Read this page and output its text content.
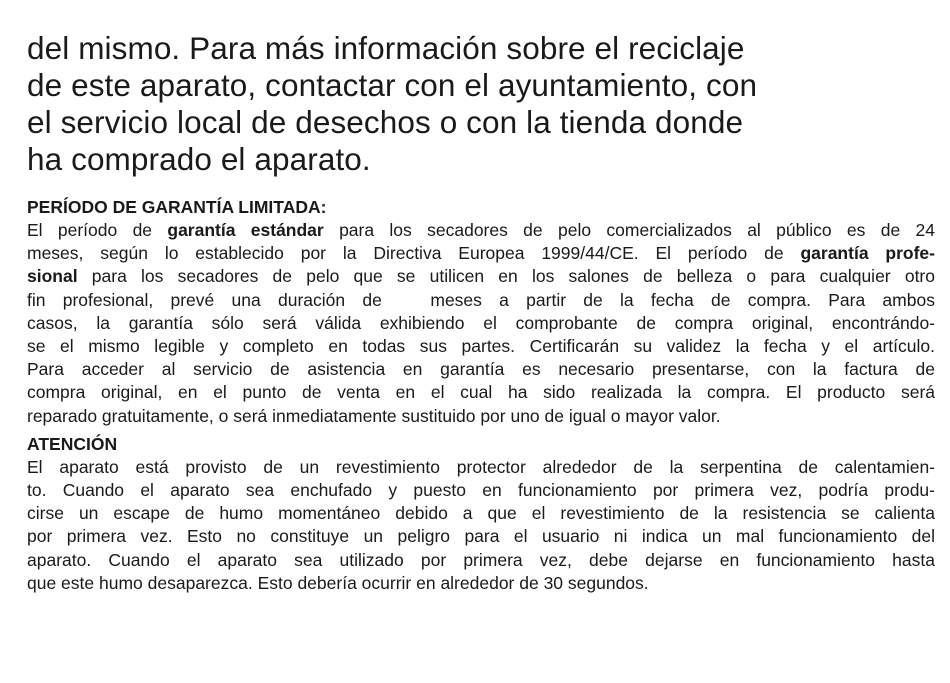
del mismo. Para más información sobre el reciclaje
de este aparato, contactar con el ayuntamiento, con
el servicio local de desechos o con la tienda donde
ha comprado el aparato.
PERÍODO DE GARANTÍA LIMITADA:
El período de garantía estándar para los secadores de pelo comercializados al público es de 24
meses, según lo establecido por la Directiva Europea 1999/44/CE. El período de garantía profe-
sional para los secadores de pelo que se utilicen en los salones de belleza o para cualquier otro
fin profesional, prevé una duración de	meses a partir de la fecha de compra. Para ambos
casos, la garantía sólo será válida exhibiendo el comprobante de compra original, encontrándo-
se el mismo legible y completo en todas sus partes. Certificarán su validez la fecha y el artículo.
Para acceder al servicio de asistencia en garantía es necesario presentarse, con la factura de
compra original, en el punto de venta en el cual ha sido realizada la compra. El producto será
reparado gratuitamente, o será inmediatamente sustituido por uno de igual o mayor valor.
ATENCIÓN
El aparato está provisto de un revestimiento protector alrededor de la serpentina de calentamien-
to. Cuando el aparato sea enchufado y puesto en funcionamiento por primera vez, podría produ-
cirse un escape de humo momentáneo debido a que el revestimiento de la resistencia se calienta
por primera vez. Esto no constituye un peligro para el usuario ni indica un mal funcionamiento del
aparato. Cuando el aparato sea utilizado por primera vez, debe dejarse en funcionamiento hasta
que este humo desaparezca. Esto debería ocurrir en alrededor de 30 segundos.
